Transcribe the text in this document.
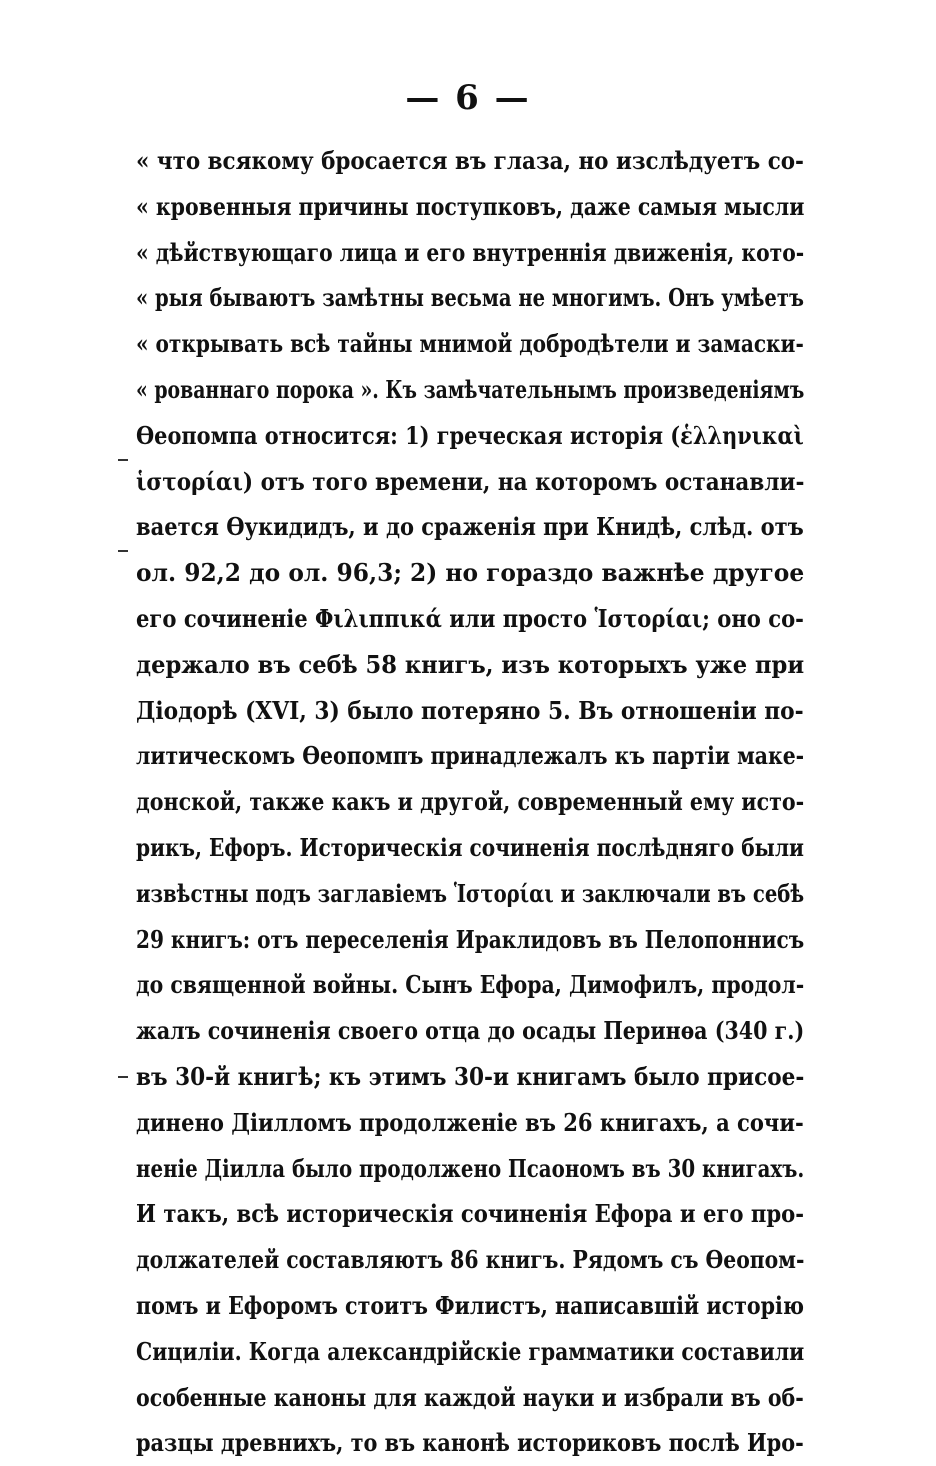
— 6 —
« что всякому бросается въ глаза, но изслѣдуетъ со-
« кровенныя причины поступковъ, даже самыя мысли
« дѣйствующаго лица и его внутреннія движенія, кото-
« рыя бываютъ замѣтны весьма не многимъ. Онъ умѣетъ
« открывать всѣ тайны мнимой добродѣтели и замаски-
« рованнаго порока ». Къ замѣчательнымъ произведеніямъ
Ѳеопомпа относится: 1) греческая исторія (ἑλληνικαὶ
ἱστορίαι) отъ того времени, на которомъ останавли-
вается Ѳукидидъ, и до сраженія при Книдѣ, слѣд. отъ
ол. 92,2 до ол. 96,3; 2) но гораздо важнѣе другое
его сочиненіе Φιλιππικά или просто Ἱστορίαι; оно со-
держало въ себѣ 58 книгъ, изъ которыхъ уже при
Діодорѣ (XVI, 3) было потеряно 5. Въ отношеніи по-
литическомъ Ѳеопомпъ принадлежалъ къ партіи маке-
донской, также какъ и другой, современный ему исто-
рикъ, Ефоръ. Историческія сочиненія послѣдняго были
извѣстны подъ заглавіемъ Ἱστορίαι и заключали въ себѣ
29 книгъ: отъ переселенія Ираклидовъ въ Пелопоннисъ
до священной войны. Сынъ Ефора, Димофилъ, продол-
жалъ сочиненія своего отца до осады Перинѳа (340 г.)
въ 30-й книгѣ; къ этимъ 30-и книгамъ было присое-
динено Діилломъ продолженіе въ 26 книгахъ, а сочи-
неніе Діилла было продолжено Псаономъ въ 30 книгахъ.
И такъ, всѣ историческія сочиненія Ефора и его про-
должателей составляютъ 86 книгъ. Рядомъ съ Ѳеопом-
помъ и Ефоромъ стоитъ Филистъ, написавшій исторію
Сициліи. Когда александрійскіе грамматики составили
особенные каноны для каждой науки и избрали въ об-
разцы древнихъ, то въ канонѣ историковъ послѣ Иро-
